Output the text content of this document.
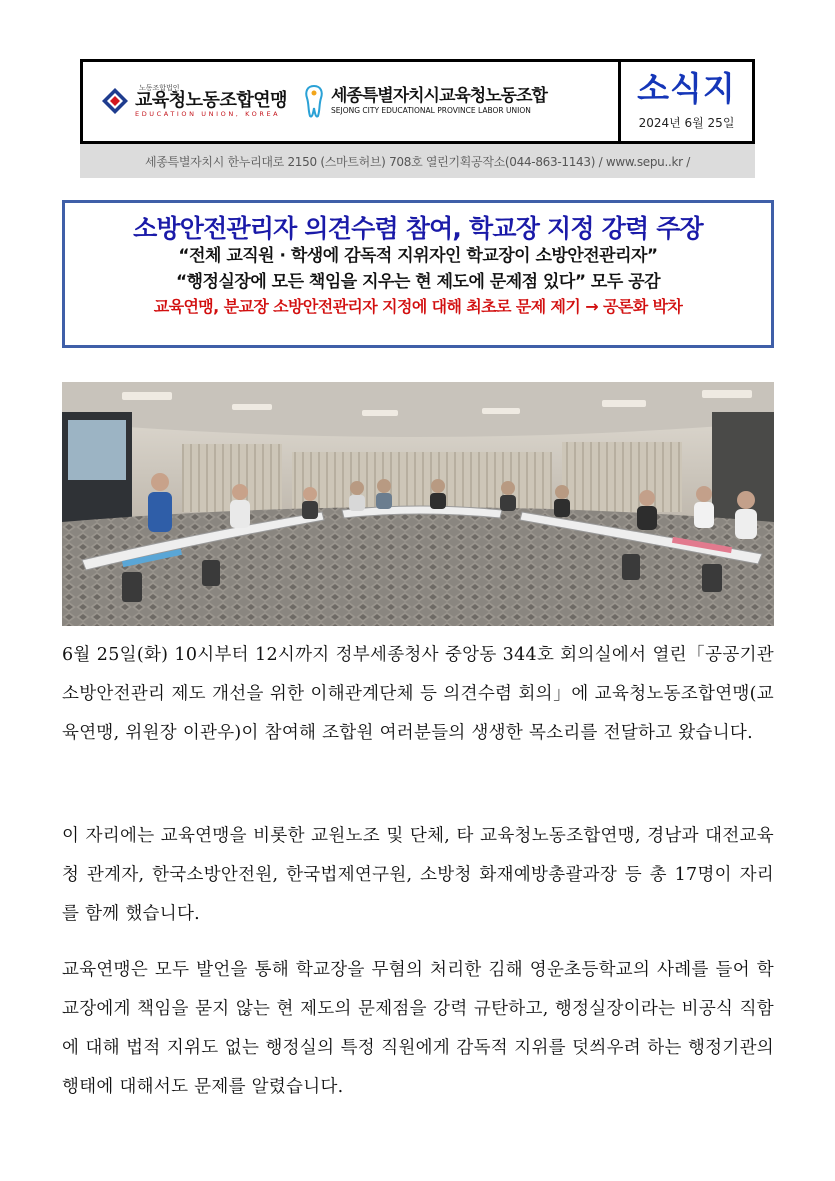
노동조합법인
교육청노동조합연맹
EDUCATION UNION, KOREA
세종특별자치시교육청노동조합
SEJONG CITY EDUCATIONAL PROVINCE LABOR UNION
소식지
2024년 6월 25일
세종특별자치시 한누리대로 2150 (스마트허브) 708호 열린기획공작소(044-863-1143) / www.sepu..kr /
소방안전관리자 의견수렴 참여, 학교장 지정 강력 주장
“전체 교직원 · 학생에 감독적 지위자인 학교장이 소방안전관리자”
“행정실장에 모든 책임을 지우는 현 제도에 문제점 있다” 모두 공감
교육연맹, 분교장 소방안전관리자 지정에 대해 최초로 문제 제기 → 공론화 박차
6월 25일(화) 10시부터 12시까지 정부세종청사 중앙동 344호 회의실에서 열린「공공기관 소방안전관리 제도 개선을 위한 이해관계단체 등 의견수렴 회의」에 교육청노동조합연맹(교육연맹, 위원장 이관우)이 참여해 조합원 여러분들의 생생한 목소리를 전달하고 왔습니다.
이 자리에는 교육연맹을 비롯한 교원노조 및 단체, 타 교육청노동조합연맹, 경남과 대전교육청 관계자, 한국소방안전원, 한국법제연구원, 소방청 화재예방총괄과장 등 총 17명이 자리를 함께 했습니다.
교육연맹은 모두 발언을 통해 학교장을 무혐의 처리한 김해 영운초등학교의 사례를 들어 학교장에게 책임을 묻지 않는 현 제도의 문제점을 강력 규탄하고, 행정실장이라는 비공식 직함에 대해 법적 지위도 없는 행정실의 특정 직원에게 감독적 지위를 덧씌우려 하는 행정기관의 행태에 대해서도 문제를 알렸습니다.
